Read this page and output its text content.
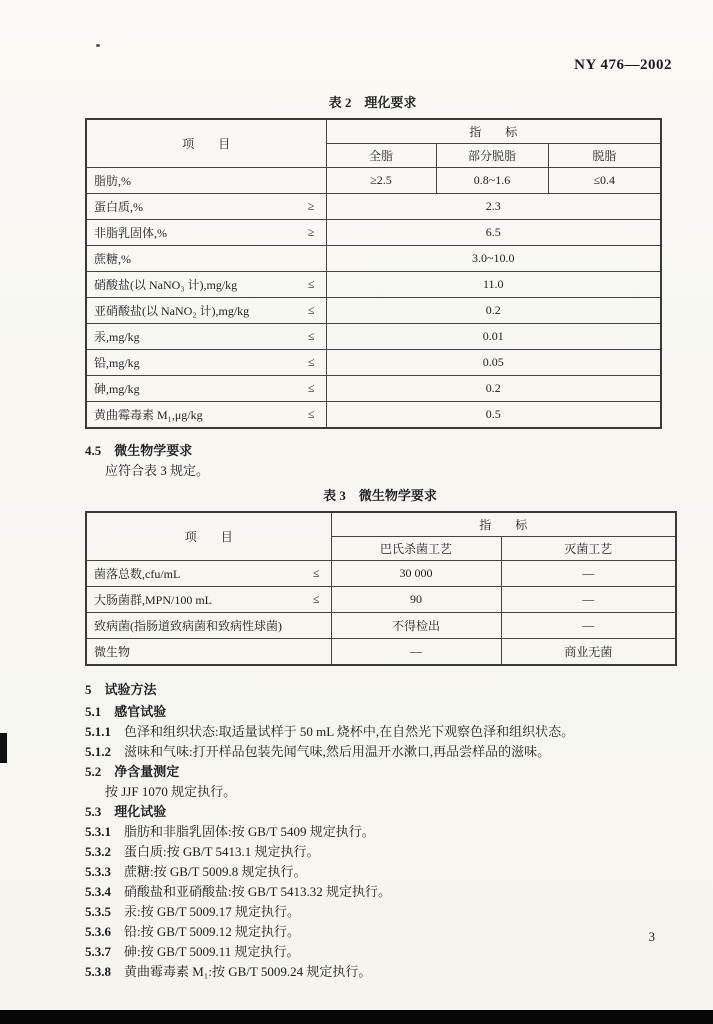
NY 476—2002
表 2　理化要求
项　　目	指　　标		
	全脂	部分脱脂	脱脂

脂肪,%	≥2.5	0.8~1.6	≤0.4

蛋白质,% ≥	2.3		

非脂乳固体,% ≥	6.5		

蔗糖,%	3.0~10.0		

硝酸盐(以 NaNO₃ 计),mg/kg ≤	11.0		

亚硝酸盐(以 NaNO₂ 计),mg/kg ≤	0.2		

汞,mg/kg ≤	0.01		

铅,mg/kg ≤	0.05		

砷,mg/kg ≤	0.2		

黄曲霉毒素 M₁,μg/kg ≤	0.5		
4.5 微生物学要求
应符合表 3 规定。
表 3　微生物学要求
项　　目	指　　标	
	巴氏杀菌工艺	灭菌工艺

菌落总数,cfu/mL ≤	30 000	—

大肠菌群,MPN/100 mL ≤	90	—

致病菌(指肠道致病菌和致病性球菌)	不得检出	—

微生物	—	商业无菌
5 试验方法
5.1 感官试验
5.1.1 色泽和组织状态:取适量试样于 50 mL 烧杯中,在自然光下观察色泽和组织状态。
5.1.2 滋味和气味:打开样品包装先闻气味,然后用温开水漱口,再品尝样品的滋味。
5.2 净含量测定
按 JJF 1070 规定执行。
5.3 理化试验
5.3.1 脂肪和非脂乳固体:按 GB/T 5409 规定执行。
5.3.2 蛋白质:按 GB/T 5413.1 规定执行。
5.3.3 蔗糖:按 GB/T 5009.8 规定执行。
5.3.4 硝酸盐和亚硝酸盐:按 GB/T 5413.32 规定执行。
5.3.5 汞:按 GB/T 5009.17 规定执行。
5.3.6 铅:按 GB/T 5009.12 规定执行。
5.3.7 砷:按 GB/T 5009.11 规定执行。
5.3.8 黄曲霉毒素 M₁:按 GB/T 5009.24 规定执行。
3
